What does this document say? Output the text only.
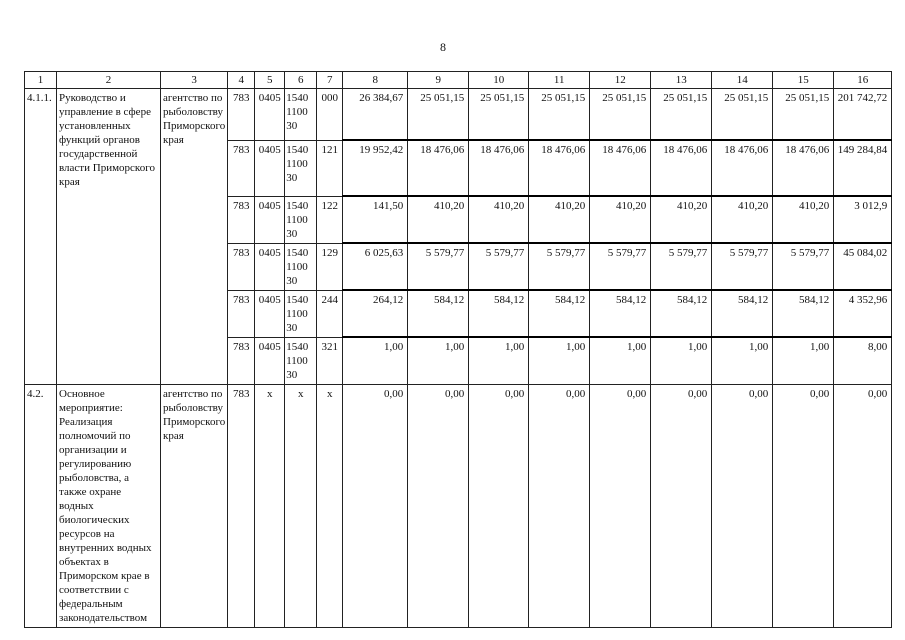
8
1	2	3	4	5	6	7	8	9	10	11	12	13	14	15	16
4.1.1.	Руководство и управление в сфере установленных функций органов государственной власти Приморского края	агентство по рыболовству Приморского края	783	0405	1540 1100 30	000	26 384,67	25 051,15	25 051,15	25 051,15	25 051,15	25 051,15	25 051,15	25 051,15	201 742,72
			783	0405	1540 1100 30	121	19 952,42	18 476,06	18 476,06	18 476,06	18 476,06	18 476,06	18 476,06	18 476,06	149 284,84
			783	0405	1540 1100 30	122	141,50	410,20	410,20	410,20	410,20	410,20	410,20	410,20	3 012,9
			783	0405	1540 1100 30	129	6 025,63	5 579,77	5 579,77	5 579,77	5 579,77	5 579,77	5 579,77	5 579,77	45 084,02
			783	0405	1540 1100 30	244	264,12	584,12	584,12	584,12	584,12	584,12	584,12	584,12	4 352,96
			783	0405	1540 1100 30	321	1,00	1,00	1,00	1,00	1,00	1,00	1,00	1,00	8,00
4.2.	Основное мероприятие: Реализация полномочий по организации и регулированию рыболовства, а также охране водных биологических ресурсов на внутренних водных объектах в Приморском крае в соответствии с федеральным законодательством	агентство по рыболовству Приморского края	783	x	x	x	0,00	0,00	0,00	0,00	0,00	0,00	0,00	0,00	0,00
